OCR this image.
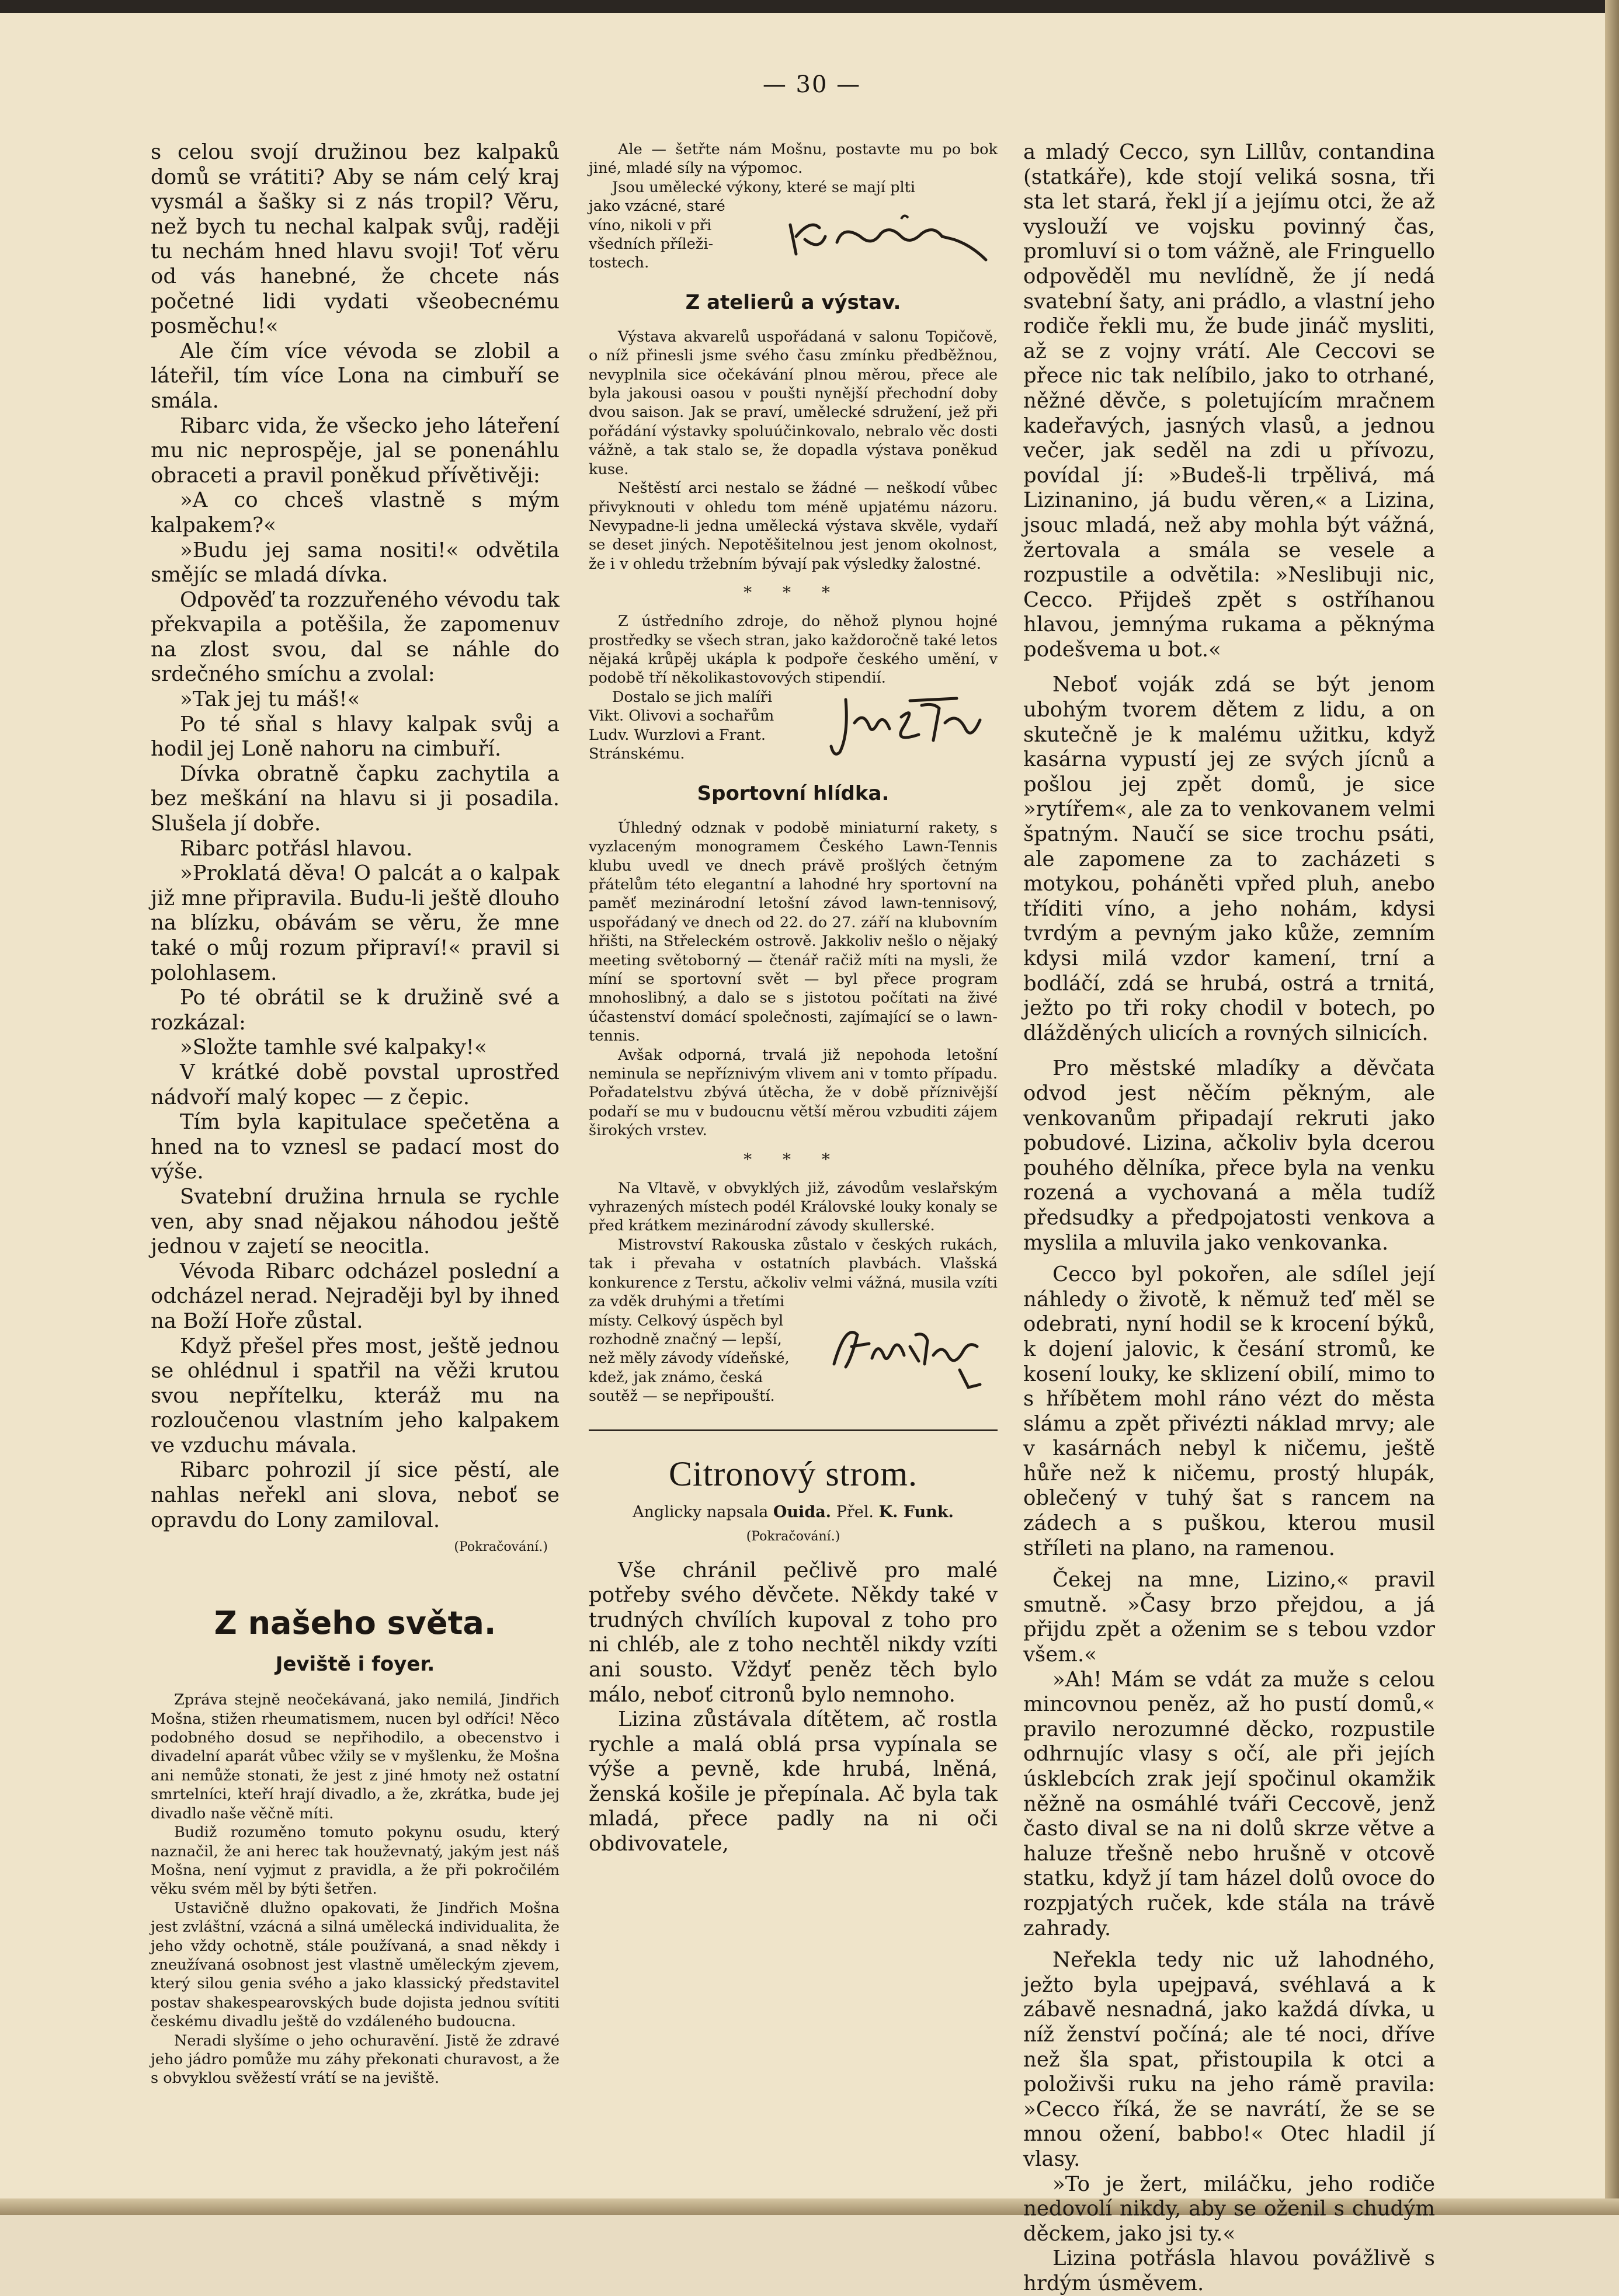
— 30 —

s celou svojí družinou bez kalpaků domů se vrátiti? Aby se nám celý kraj vysmál a šašky si z nás tropil? Věru, než bych tu nechal kalpak svůj, raději tu nechám hned hlavu svoji! Toť věru od vás hanebné, že chcete nás početné lidi vydati všeobecnému posměchu!«

Ale čím více vévoda se zlobil a láteřil, tím více Lona na cimbuří se smála.

Ribarc vida, že všecko jeho láteření mu nic neprospěje, jal se ponenáhlu obraceti a pravil poněkud přívětivěji:

»A co chceš vlastně s mým kalpakem?«

»Budu jej sama nositi!« odvětila smějíc se mladá dívka.

Odpověď ta rozzuřeného vévodu tak překvapila a potěšila, že zapomenuv na zlost svou, dal se náhle do srdečného smíchu a zvolal:

»Tak jej tu máš!«

Po té sňal s hlavy kalpak svůj a hodil jej Loně nahoru na cimbuří.

Dívka obratně čapku zachytila a bez meškání na hlavu si ji posadila. Slušela jí dobře.

Ribarc potřásl hlavou.

»Proklatá děva! O palcát a o kalpak již mne připravila. Budu-li ještě dlouho na blízku, obávám se věru, že mne také o můj rozum připraví!« pravil si polohlasem.

Po té obrátil se k družině své a rozkázal:

»Složte tamhle své kalpaky!«

V krátké době povstal uprostřed nádvoří malý kopec — z čepic.

Tím byla kapitulace spečetěna a hned na to vznesl se padací most do výše.

Svatební družina hrnula se rychle ven, aby snad nějakou náhodou ještě jednou v zajetí se neocitla.

Vévoda Ribarc odcházel poslední a odcházel nerad. Nejraději byl by ihned na Boží Hoře zůstal.

Když přešel přes most, ještě jednou se ohlédnul i spatřil na věži krutou svou nepřítelku, kteráž mu na rozloučenou vlastním jeho kalpakem ve vzduchu mávala.

Ribarc pohrozil jí sice pěstí, ale nahlas neřekl ani slova, neboť se opravdu do Lony zamiloval.

(Pokračování.)
Z našeho světa.
Jeviště i foyer.

Zpráva stejně neočekávaná, jako nemilá, Jindřich Mošna, stižen rheumatismem, nucen byl odříci! Něco podobného dosud se nepřihodilo, a obecenstvo i divadelní aparát vůbec vžily se v myšlenku, že Mošna ani nemůže stonati, že jest z jiné hmoty než ostatní smrtelníci, kteří hrají divadlo, a že, zkrátka, bude jej divadlo naše věčně míti.

Budiž rozuměno tomuto pokynu osudu, který naznačil, že ani herec tak houževnatý, jakým jest náš Mošna, není vyjmut z pravidla, a že při pokročilém věku svém měl by býti šetřen.

Ustavičně dlužno opakovati, že Jindřich Mošna jest zvláštní, vzácná a silná umělecká individualita, že jeho vždy ochotně, stále používaná, a snad někdy i zneužívaná osobnost jest vlastně uměleckým zjevem, který silou genia svého a jako klassický představitel postav shakespearovských bude dojista jednou svítiti českému divadlu ještě do vzdáleného budoucna.

Neradi slyšíme o jeho ochuravění. Jistě že zdravé jeho jádro pomůže mu záhy překonati churavost, a že s obvyklou svěžestí vrátí se na jeviště.

Ale — šetřte nám Mošnu, postavte mu po bok jiné, mladé síly na výpomoc.

Jsou umělecké výkony, které se mají plti
jako vzácné, staré
víno, nikoli v při
všedních příleži-
tostech.
Z atelierů a výstav.

Výstava akvarelů uspořádaná v salonu Topičově, o níž přinesli jsme svého času zmínku předběžnou, nevyplnila sice očekávání plnou měrou, přece ale byla jakousi oasou v poušti nynější přechodní doby dvou saison. Jak se praví, umělecké sdružení, jež při pořádání výstavky spoluúčinkovalo, nebralo věc dosti vážně, a tak stalo se, že dopadla výstava poněkud kuse.

Neštěstí arci nestalo se žádné — neškodí vůbec přivyknouti v ohledu tom méně upjatému názoru. Nevypadne-li jedna umělecká výstava skvěle, vydaří se deset jiných. Nepotěšitelnou jest jenom okolnost, že i v ohledu tržebním bývají pak výsledky žalostné.

* * *

Z ústředního zdroje, do něhož plynou hojné prostředky se všech stran, jako každoročně také letos nějaká krůpěj ukápla k podpoře českého umění, v podobě tří několikastovových stipendií.

Dostalo se jich malíři
Vikt. Olivovi a sochařům
Ludv. Wurzlovi a Frant.
Stránskému.
Sportovní hlídka.

Úhledný odznak v podobě miniaturní rakety, s vyzlaceným monogramem Českého Lawn-Tennis klubu uvedl ve dnech právě prošlých četným přátelům této elegantní a lahodné hry sportovní na paměť mezinárodní letošní závod lawn-tennisový, uspořádaný ve dnech od 22. do 27. září na klubovním hřišti, na Střeleckém ostrově. Jakkoliv nešlo o nějaký meeting světoborný — čtenář račiž míti na mysli, že míní se sportovní svět — byl přece program mnohoslibný, a dalo se s jistotou počítati na živé účastenství domácí společnosti, zajímající se o lawn-tennis.

Avšak odporná, trvalá již nepohoda letošní neminula se nepříznivým vlivem ani v tomto případu. Pořadatelstvu zbývá útěcha, že v době příznivější podaří se mu v budoucnu větší měrou vzbuditi zájem širokých vrstev.

* * *

Na Vltavě, v obvyklých již, závodům veslařským vyhrazených místech podél Královské louky konaly se před krátkem mezinárodní závody skullerské.

Mistrovství Rakouska zůstalo v českých rukách, tak i převaha v ostatních plavbách. Vlašská konkurence z Terstu, ačkoliv velmi vážná, musila vzíti za vděk druhými a třetími

místy. Celkový úspěch byl
rozhodně značný — lepší,
než měly závody vídeňské,
kdež, jak známo, česká
soutěž — se nepřipouští.
Citronový strom.
Anglicky napsala Ouida. Přel. K. Funk.
(Pokračování.)

Vše chránil pečlivě pro malé potřeby svého děvčete. Někdy také v trudných chvílích kupoval z toho pro ni chléb, ale z toho nechtěl nikdy vzíti ani sousto. Vždyť peněz těch bylo málo, neboť citronů bylo nemnoho.

Lizina zůstávala dítětem, ač rostla rychle a malá oblá prsa vypínala se výše a pevně, kde hrubá, lněná, ženská košile je přepínala. Ač byla tak mladá, přece padly na ni oči obdivovatele,

a mladý Cecco, syn Lillův, contandina (statkáře), kde stojí veliká sosna, tři sta let stará, řekl jí a jejímu otci, že až vyslouží ve vojsku povinný čas, promluví si o tom vážně, ale Fringuello odpověděl mu nevlídně, že jí nedá svatební šaty, ani prádlo, a vlastní jeho rodiče řekli mu, že bude jináč mysliti, až se z vojny vrátí. Ale Ceccovi se přece nic tak nelíbilo, jako to otrhané, něžné děvče, s poletujícím mračnem kadeřavých, jasných vlasů, a jednou večer, jak seděl na zdi u přívozu, povídal jí: »Budeš-li trpělivá, má Lizinanino, já budu věren,« a Lizina, jsouc mladá, než aby mohla být vážná, žertovala a smála se vesele a rozpustile a odvětila: »Neslibuji nic, Cecco. Přijdeš zpět s ostříhanou hlavou, jemnýma rukama a pěknýma podešvema u bot.«

Neboť voják zdá se být jenom ubohým tvorem dětem z lidu, a on skutečně je k malému užitku, když kasárna vypustí jej ze svých jícnů a pošlou jej zpět domů, je sice »rytířem«, ale za to venkovanem velmi špatným. Naučí se sice trochu psáti, ale zapomene za to zacházeti s motykou, poháněti vpřed pluh, anebo tříditi víno, a jeho nohám, kdysi tvrdým a pevným jako kůže, zemním kdysi milá vzdor kamení, trní a bodláčí, zdá se hrubá, ostrá a trnitá, ježto po tři roky chodil v botech, po dlážděných ulicích a rovných silnicích.

Pro městské mladíky a děvčata odvod jest něčím pěkným, ale venkovanům připadají rekruti jako pobudové. Lizina, ačkoliv byla dcerou pouhého dělníka, přece byla na venku rozená a vychovaná a měla tudíž předsudky a předpojatosti venkova a myslila a mluvila jako venkovanka.

Cecco byl pokořen, ale sdílel její náhledy o životě, k němuž teď měl se odebrati, nyní hodil se k krocení býků, k dojení jalovic, k česání stromů, ke kosení louky, ke sklizení obilí, mimo to s hříbětem mohl ráno vézt do města slámu a zpět přivézti náklad mrvy; ale v kasárnách nebyl k ničemu, ještě hůře než k ničemu, prostý hlupák, oblečený v tuhý šat s rancem na zádech a s puškou, kterou musil stříleti na plano, na ramenou.

Čekej na mne, Lizino,« pravil smutně. »Časy brzo přejdou, a já přijdu zpět a oženim se s tebou vzdor všem.«

»Ah! Mám se vdát za muže s celou mincovnou peněz, až ho pustí domů,« pravilo nerozumné děcko, rozpustile odhrnujíc vlasy s očí, ale při jejích úsklebcích zrak její spočinul okamžik něžně na osmáhlé tváři Ceccově, jenž často dival se na ni dolů skrze větve a haluze třešně nebo hrušně v otcově statku, když jí tam házel dolů ovoce do rozpjatých ruček, kde stála na trávě zahrady.

Neřekla tedy nic už lahodného, ježto byla upejpavá, svéhlavá a k zábavě nesnadná, jako každá dívka, u níž ženství počíná; ale té noci, dříve než šla spat, přistoupila k otci a položivši ruku na jeho rámě pravila: »Cecco říká, že se navrátí, že se se mnou ožení, babbo!« Otec hladil jí vlasy.

»To je žert, miláčku, jeho rodiče nedovolí nikdy, aby se oženil s chudým děckem, jako jsi ty.«

Lizina potřásla hlavou povážlivě s hrdým úsměvem.
